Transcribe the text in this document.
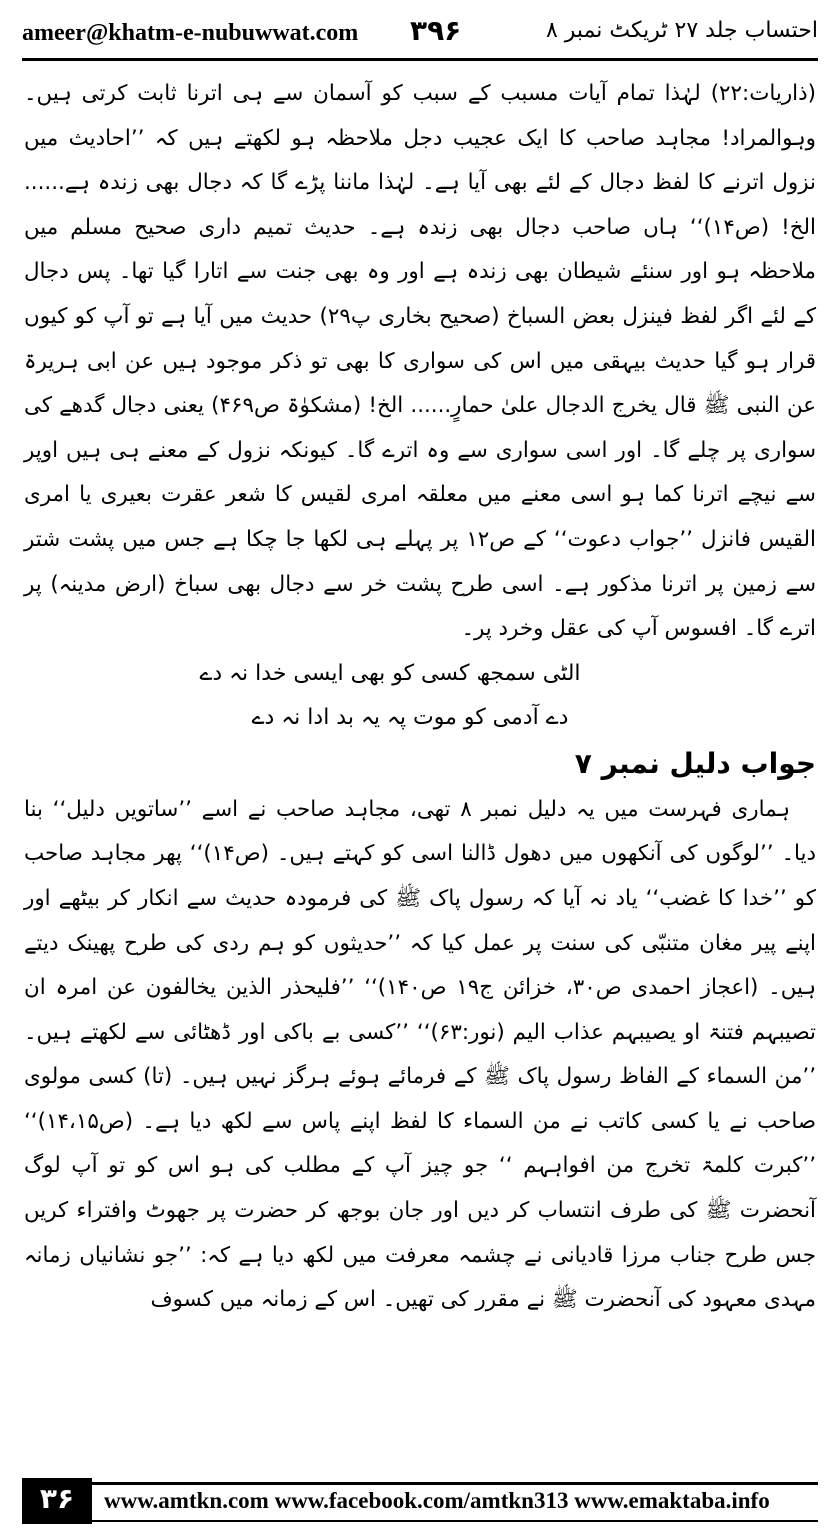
ameer@khatm-e-nubuwwat.com ۳۹۶	احتساب جلد ۲۷ ٹریکٹ نمبر ۸

(ذاریات:۲۲) لہٰذا تمام آیات مسبب کے سبب کو آسمان سے ہی اترنا ثابت کرتی ہیں۔ وہوالمراد! مجاہد صاحب کا ایک عجیب دجل ملاحظہ ہو لکھتے ہیں کہ ’’احادیث میں نزول اترنے کا لفظ دجال کے لئے بھی آیا ہے۔ لہٰذا ماننا پڑے گا کہ دجال بھی زندہ ہے...... الخ! (ص۱۴)‘‘ ہاں صاحب دجال بھی زندہ ہے۔ حدیث تمیم داری صحیح مسلم میں ملاحظہ ہو اور سنئے شیطان بھی زندہ ہے اور وہ بھی جنت سے اتارا گیا تھا۔ پس دجال کے لئے اگر لفظ فینزل بعض السباخ (صحیح بخاری پ۲۹) حدیث میں آیا ہے تو آپ کو کیوں قرار ہو گیا حدیث بیہقی میں اس کی سواری کا بھی تو ذکر موجود ہیں عن ابی ہریرۃ عن النبی ﷺ قال یخرج الدجال علیٰ حمارٍ...... الخ! (مشکوٰۃ ص۴۶۹) یعنی دجال گدھے کی سواری پر چلے گا۔ اور اسی سواری سے وہ اترے گا۔ کیونکہ نزول کے معنے ہی ہیں اوپر سے نیچے اترنا کما ہو اسی معنے میں معلقہ امری لقیس کا شعر عقرت بعیری یا امری القیس فانزل ’’جواب دعوت‘‘ کے ص۱۲ پر پہلے ہی لکھا جا چکا ہے جس میں پشت شتر سے زمین پر اترنا مذکور ہے۔ اسی طرح پشت خر سے دجال بھی سباخ (ارض مدینہ) پر اترے گا۔ افسوس آپ کی عقل وخرد پر۔

الٹی سمجھ کسی کو بھی ایسی خدا نہ دے

دے آدمی کو موت پہ یہ بد ادا نہ دے

جواب دلیل نمبر ۷

ہماری فہرست میں یہ دلیل نمبر ۸ تھی، مجاہد صاحب نے اسے ’’ساتویں دلیل‘‘ بنا دیا۔ ’’لوگوں کی آنکھوں میں دھول ڈالنا اسی کو کہتے ہیں۔ (ص۱۴)‘‘ پھر مجاہد صاحب کو ’’خدا کا غضب‘‘ یاد نہ آیا کہ رسول پاک ﷺ کی فرمودہ حدیث سے انکار کر بیٹھے اور اپنے پیر مغان متنبّی کی سنت پر عمل کیا کہ ’’حدیثوں کو ہم ردی کی طرح پھینک دیتے ہیں۔ (اعجاز احمدی ص۳۰، خزائن ج۱۹ ص۱۴۰)‘‘ ’’فلیحذر الذین یخالفون عن امرہ ان تصیبہم فتنۃ او یصیبہم عذاب الیم (نور:۶۳)‘‘ ’’کسی بے باکی اور ڈھٹائی سے لکھتے ہیں۔ ’’من السماء کے الفاظ رسول پاک ﷺ کے فرمائے ہوئے ہرگز نہیں ہیں۔ (تا) کسی مولوی صاحب نے یا کسی کاتب نے من السماء کا لفظ اپنے پاس سے لکھ دیا ہے۔ (ص۱۴،۱۵)‘‘ ’’کبرت کلمۃ تخرج من افواہہم ‘‘ جو چیز آپ کے مطلب کی ہو اس کو تو آپ لوگ آنحضرت ﷺ کی طرف انتساب کر دیں اور جان بوجھ کر حضرت پر جھوٹ وافتراء کریں جس طرح جناب مرزا قادیانی نے چشمہ معرفت میں لکھ دیا ہے کہ: ’’جو نشانیاں زمانہ مہدی معہود کی آنحضرت ﷺ نے مقرر کی تھیں۔ اس کے زمانہ میں کسوف

۳۶	www.amtkn.com www.facebook.com/amtkn313 www.emaktaba.info
